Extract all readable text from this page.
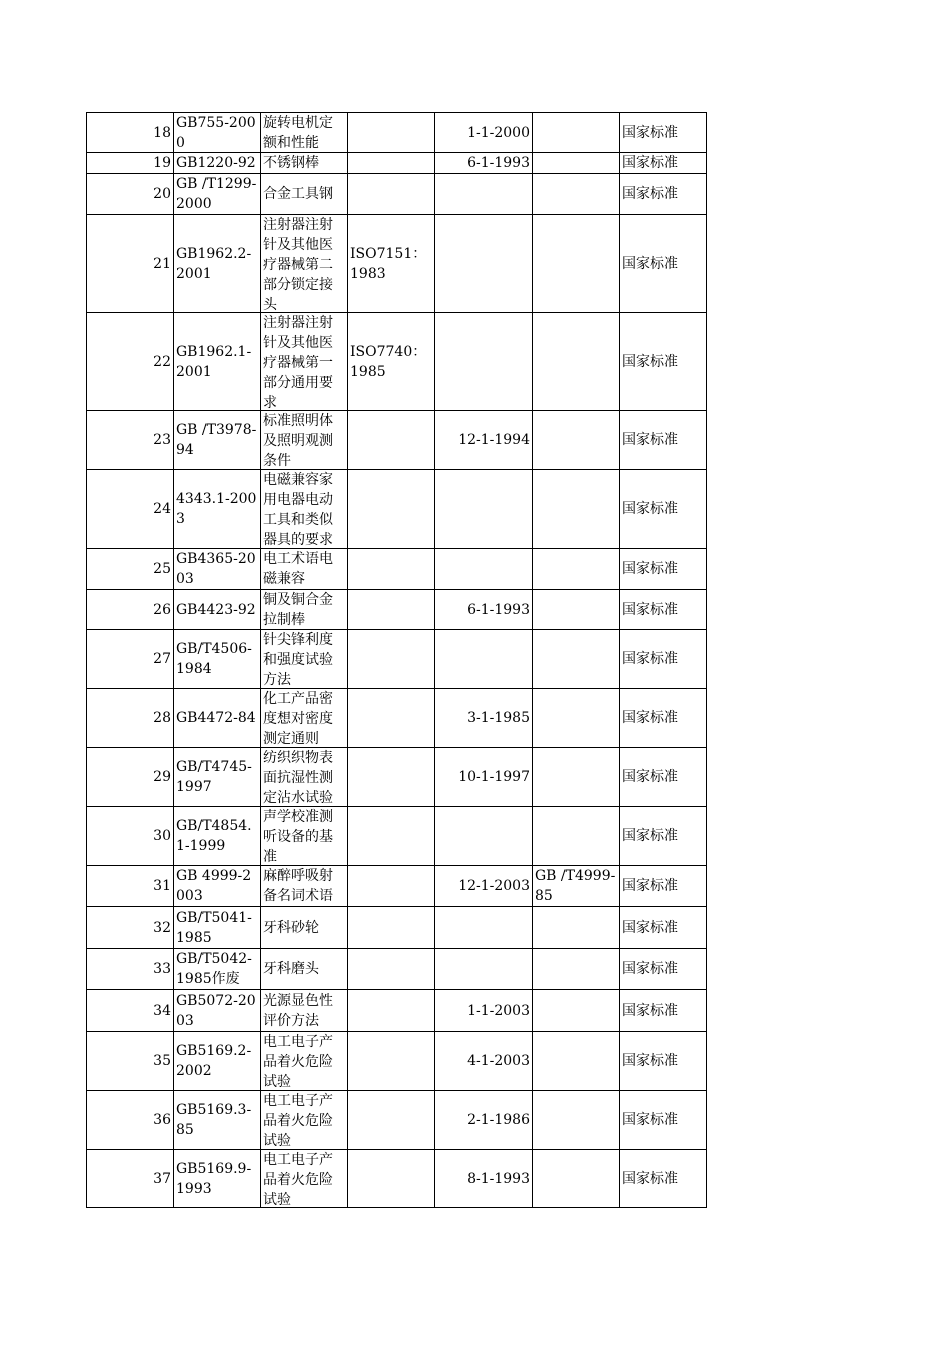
18	GB755-2000	旋转电机定额和性能		1-1-2000		国家标准

19	GB1220-92	不锈钢棒		6-1-1993		国家标准

20	GB /T1299-2000	合金工具钢				国家标准

21	GB1962.2-2001	注射器注射针及其他医疗器械第二部分锁定接头	ISO7151：1983			国家标准

22	GB1962.1-2001	注射器注射针及其他医疗器械第一部分通用要求	ISO7740：1985			国家标准

23	GB /T3978-94	标准照明体及照明观测条件		12-1-1994		国家标准

24	4343.1-2003	电磁兼容家用电器电动工具和类似器具的要求				国家标准

25	GB4365-2003	电工术语电磁兼容				国家标准

26	GB4423-92	铜及铜合金拉制棒		6-1-1993		国家标准

27	GB/T4506-1984	针尖锋利度和强度试验方法				国家标准

28	GB4472-84	化工产品密度想对密度测定通则		3-1-1985		国家标准

29	GB/T4745-1997	纺织织物表面抗湿性测定沾水试验		10-1-1997		国家标准

30	GB/T4854.1-1999	声学校准测听设备的基准				国家标准

31	GB 4999-2003	麻醉呼吸射备名词术语		12-1-2003	GB /T4999-85	国家标准

32	GB/T5041-1985	牙科砂轮				国家标准

33	GB/T5042-1985作废	牙科磨头				国家标准

34	GB5072-2003	光源显色性评价方法		1-1-2003		国家标准

35	GB5169.2-2002	电工电子产品着火危险试验		4-1-2003		国家标准

36	GB5169.3-85	电工电子产品着火危险试验		2-1-1986		国家标准

37	GB5169.9-1993	电工电子产品着火危险试验		8-1-1993		国家标准
